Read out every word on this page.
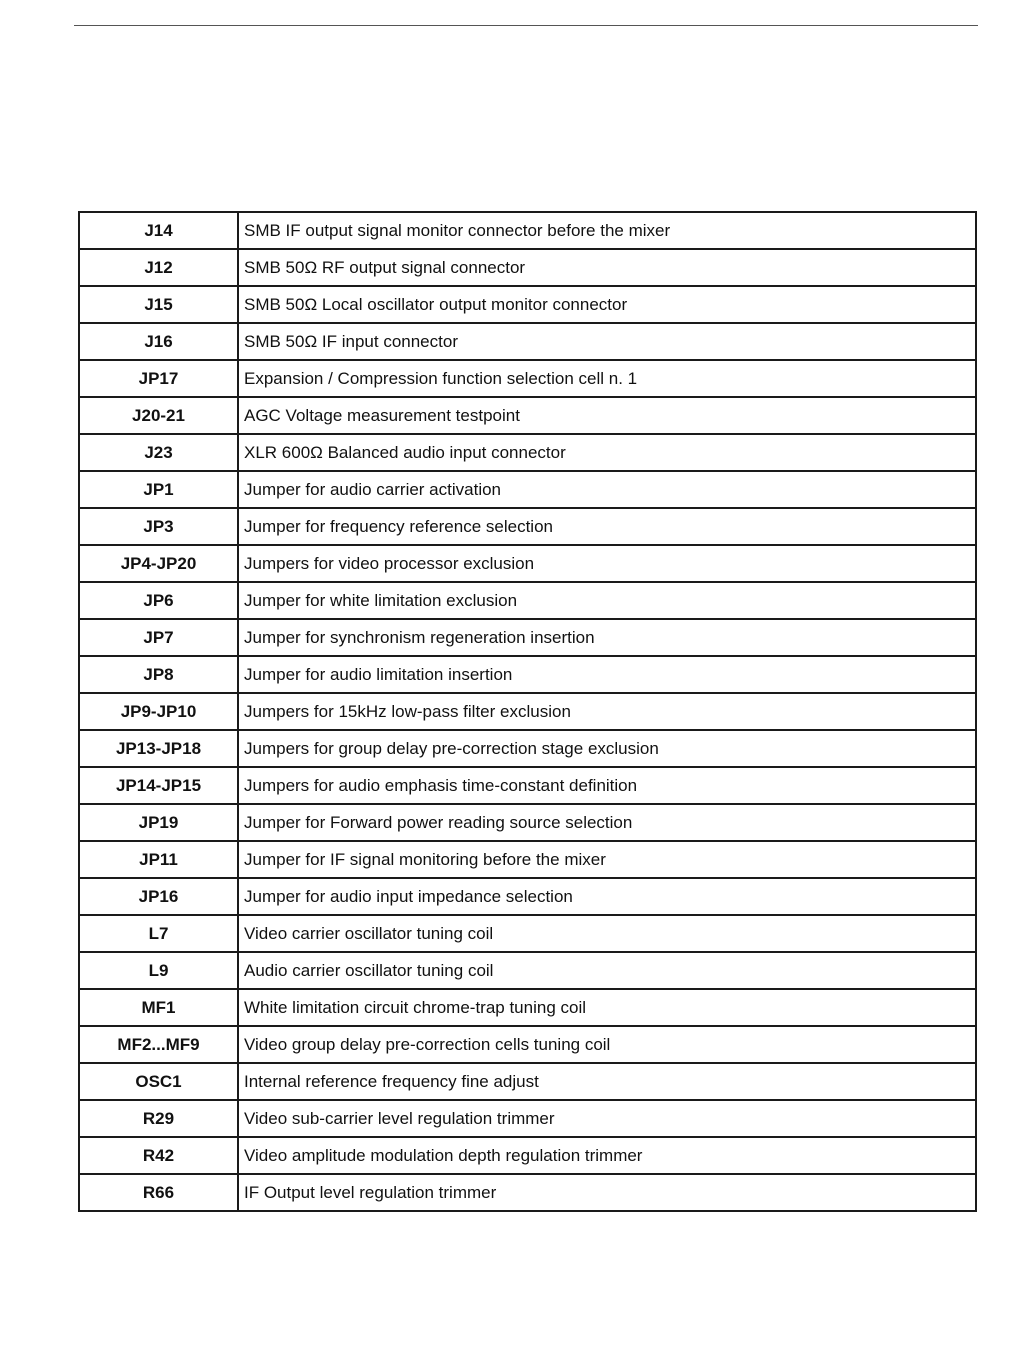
J14	SMB IF output signal monitor connector before the mixer
J12	SMB 50Ω RF output signal connector
J15	SMB 50Ω Local oscillator output monitor connector
J16	SMB 50Ω IF input connector
JP17	Expansion / Compression function selection cell n. 1
J20-21	AGC Voltage measurement testpoint
J23	XLR 600Ω Balanced audio input connector
JP1	Jumper for audio carrier activation
JP3	Jumper for frequency reference selection
JP4-JP20	Jumpers for video processor exclusion
JP6	Jumper for white limitation exclusion
JP7	Jumper for synchronism regeneration insertion
JP8	Jumper for audio limitation insertion
JP9-JP10	Jumpers for 15kHz low-pass filter exclusion
JP13-JP18	Jumpers for group delay pre-correction stage exclusion
JP14-JP15	Jumpers for audio emphasis time-constant definition
JP19	Jumper for Forward power reading source selection
JP11	Jumper for IF signal monitoring before the mixer
JP16	Jumper for audio input impedance selection
L7	Video carrier oscillator tuning coil
L9	Audio carrier oscillator tuning coil
MF1	White limitation circuit chrome-trap tuning coil
MF2...MF9	Video group delay pre-correction cells tuning coil
OSC1	Internal reference frequency fine adjust
R29	Video sub-carrier level regulation trimmer
R42	Video amplitude modulation depth regulation trimmer
R66	IF Output level regulation trimmer
